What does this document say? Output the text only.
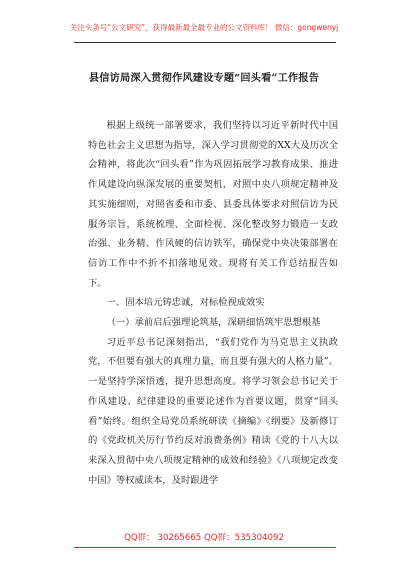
关注头条号“公文研究”，获得最新最全最专业的公文资料库！ 微信：gongwenyj
县信访局深入贯彻作风建设专题“回头看”工作报告

根据上级统一部署要求，我们坚持以习近平新时代中国特色社会主义思想为指导，深入学习贯彻党的XX大及历次全会精神，将此次“回头看”作为巩固拓展学习教育成果、推进作风建设向纵深发展的重要契机，对照中央八项规定精神及其实施细则，对照省委和市委、县委具体要求对照信访为民服务宗旨，系统梳理、全面检视、深化整改努力锻造一支政治强、业务精、作风硬的信访铁军，确保党中央决策部署在信访工作中不折不扣落地见效。现将有关工作总结报告如下。

一、固本培元铸忠诚，对标检视成效实

（一）承前启后强理论筑基，深研细悟筑牢思想根基

习近平总书记深刻指出，“我们党作为马克思主义执政党，不但要有强大的真理力量，而且要有强大的人格力量”。一是坚持学深悟透，提升思想高度。将学习领会总书记关于作风建设、纪律建设的重要论述作为首要议题，贯穿“回头看”始终。组织全局党员系统研读《摘编》《纲要》及新修订的《党政机关厉行节约反对浪费条例》精读《党的十八大以来深入贯彻中央八项规定精神的成效和经验》《八项规定改变中国》等权威读本，及时跟进学

QQ群： 30265665 QQ群：535304092
